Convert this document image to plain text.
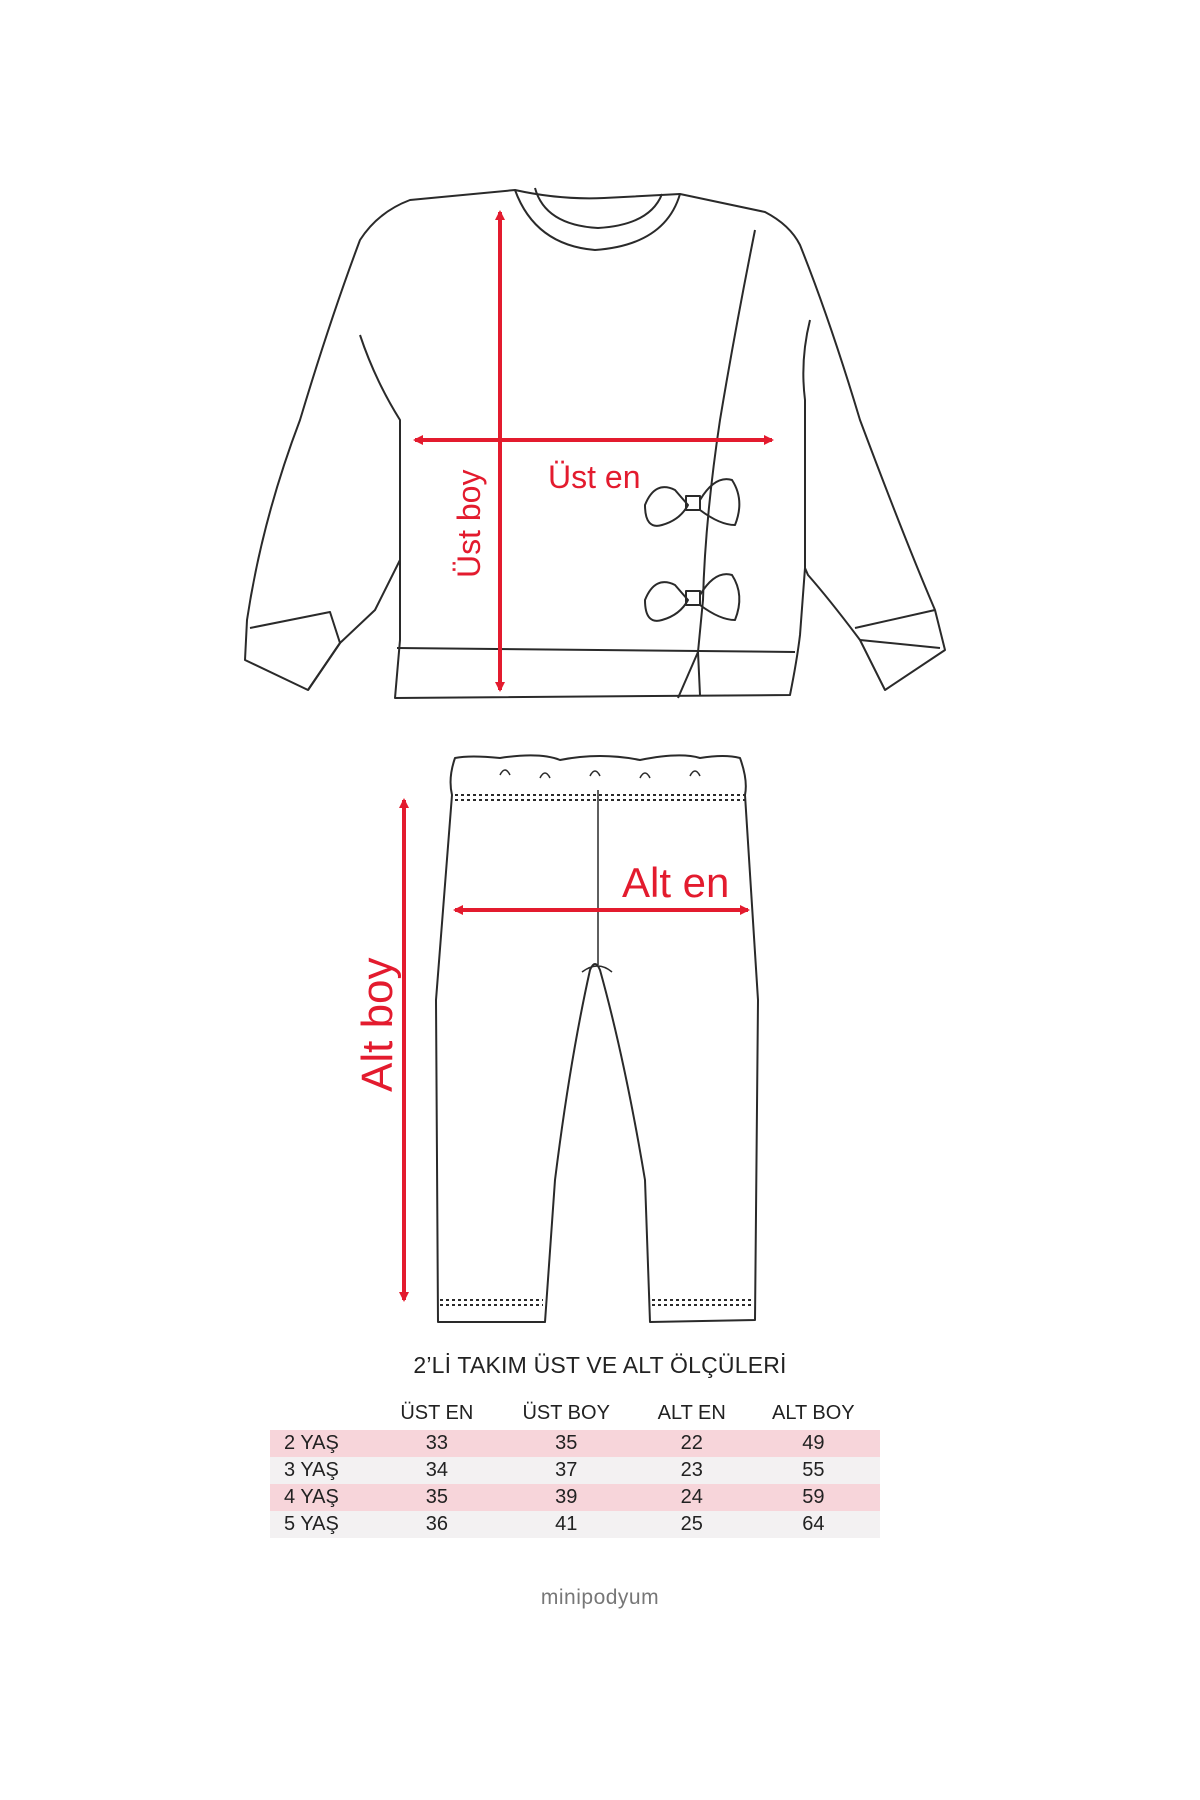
Üst en
Üst boy
Alt en
Alt boy
2’Lİ TAKIM ÜST VE ALT ÖLÇÜLERİ
	ÜST EN	ÜST BOY	ALT EN	ALT BOY
2 YAŞ	33	35	22	49
3 YAŞ	34	37	23	55
4 YAŞ	35	39	24	59
5 YAŞ	36	41	25	64
minipodyum
